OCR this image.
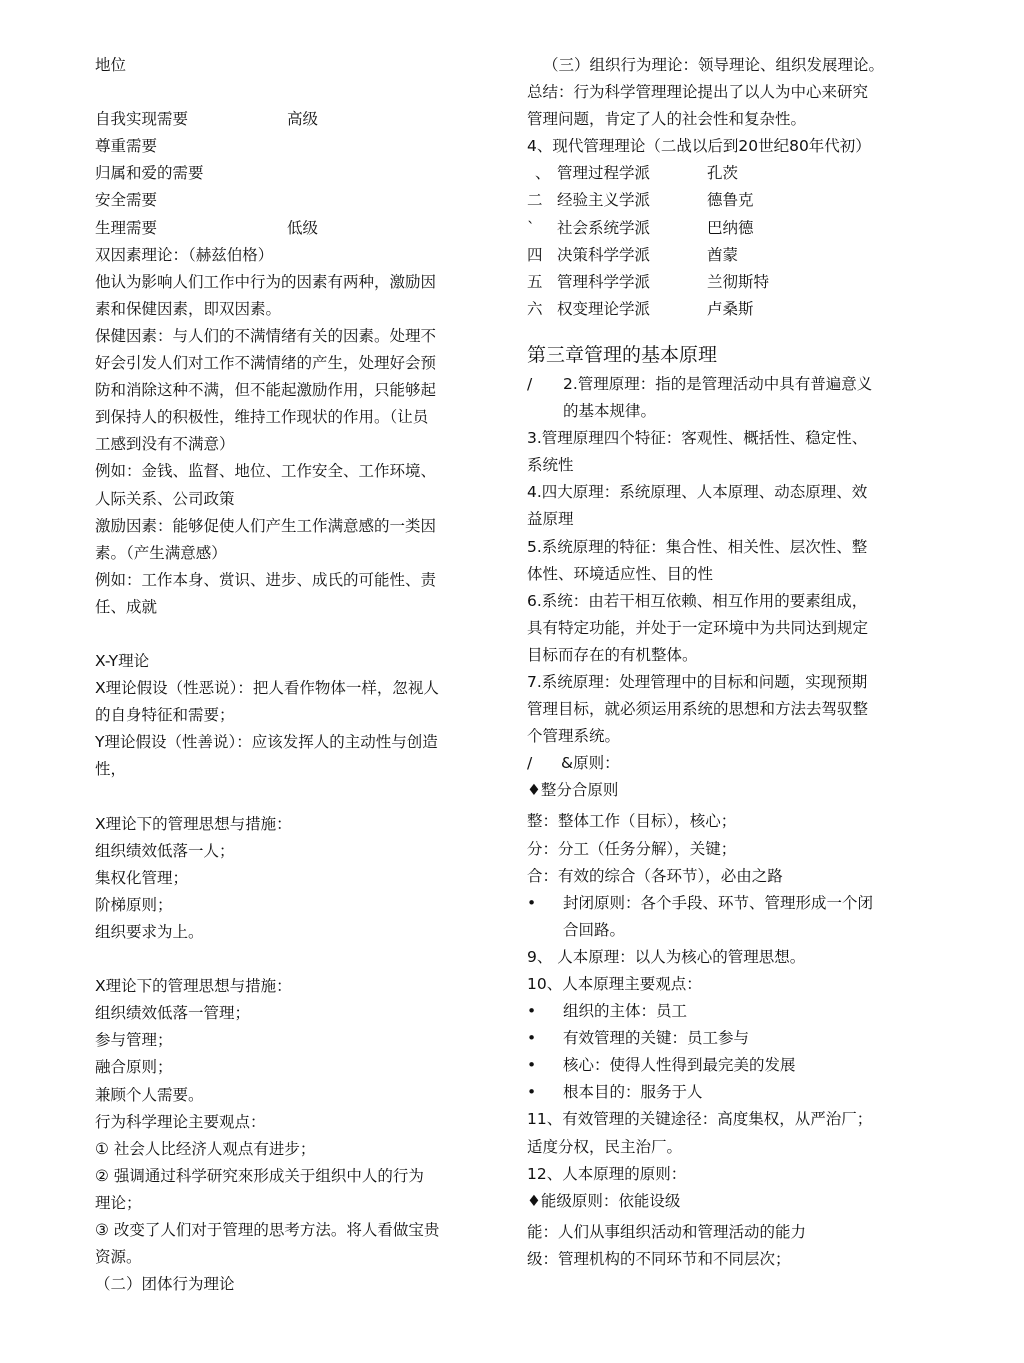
地位
自我实现需要	高级
尊重需要
归属和爱的需要
安全需要
生理需要	低级
双因素理论：（赫兹伯格）
他认为影响人们工作中行为的因素有两种，激励因
素和保健因素，即双因素。
保健因素：与人们的不满情绪有关的因素。处理不
好会引发人们对工作不满情绪的产生，处理好会预
防和消除这种不满，但不能起激励作用，只能够起
到保持人的积极性，维持工作现状的作用。（让员
工感到没有不满意）
例如：金钱、监督、地位、工作安全、工作环境、
人际关系、公司政策
激励因素：能够促使人们产生工作满意感的一类因
素。（产生满意感）
例如：工作本身、赏识、进步、成氏的可能性、责
任、成就
X-Y理论
X理论假设（性恶说）：把人看作物体一样，忽视人
的自身特征和需要；
Y理论假设（性善说）：应该发挥人的主动性与创造
性，
X理论下的管理思想与措施：
组织绩效低落一人；
集权化管理；
阶梯原则；
组织要求为上。
X理论下的管理思想与措施：
组织绩效低落一管理；
参与管理；
融合原则；
兼顾个人需要。
行为科学理论主要观点：
① 社会人比经济人观点有进步；
② 强调通过科学研究來形成关于组织中人的行为
理论；
③ 改变了人们对于管理的思考方法。将人看做宝贵
资源。
（二）团体行为理论
（三）组织行为理论：领导理论、组织发展理论。
总结：行为科学管理理论提出了以人为中心来研究
管理问题，肯定了人的社会性和复杂性。
4、现代管理理论（二战以后到20世纪80年代初）
、 管理过程学派	孔茨
二 经验主义学派	德鲁克
` 社会系统学派	巴纳德
四 决策科学学派	酋蒙
五 管理科学学派	兰彻斯特
六 权变理论学派	卢桑斯
第三章管理的基本原理
/ 2.管理原理：指的是管理活动中具有普遍意义
的基本规律。
3.管理原理四个特征：客观性、概括性、稳定性、
系统性
4.四大原理：系统原理、人本原理、动态原理、效
益原理
5.系统原理的特征：集合性、相关性、层次性、整
体性、环境适应性、目的性
6.系统：由若干相互依赖、相互作用的要素组成，
具有特定功能，并处于一定环境中为共同达到规定
目标而存在的有机整体。
7.系统原理：处理管理中的目标和问题，实现预期
管理目标，就必须运用系统的思想和方法去驾驭整
个管理系统。
/ &原则：
♦整分合原则
整：整体工作（目标），核心；
分：分工（任务分解），关键；
合：有效的综合（各环节），必由之路
• 封闭原则：各个手段、环节、管理形成一个闭
合回路。
9、 人本原理：以人为核心的管理思想。
10、人本原理主要观点：
• 组织的主体：员工
• 有效管理的关键：员工参与
• 核心：使得人性得到最完美的发展
• 根本目的：服务于人
11、有效管理的关键途径：高度集权，从严治厂；
适度分权，民主治厂。
12、人本原理的原则：
♦能级原则：依能设级
能：人们从事组织活动和管理活动的能力
级：管理机构的不同环节和不同层次；
